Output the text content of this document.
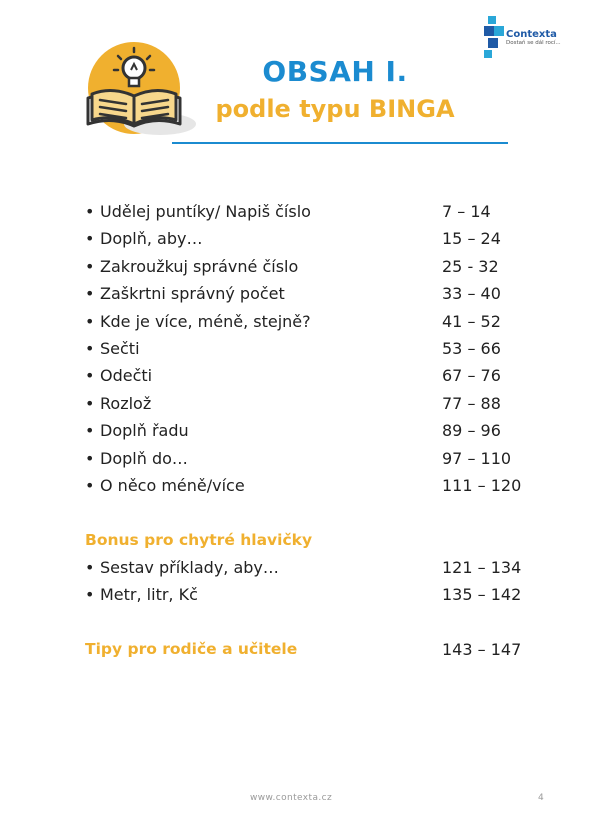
Contexta
Dostaň se dál rocí...
OBSAH I.
podle typu BINGA
• Udělej puntíky/ Napiš číslo	7 – 14
• Doplň, aby…	15 – 24
• Zakroužkuj správné číslo	25 - 32
• Zaškrtni správný počet	33 – 40
• Kde je více, méně, stejně?	41 – 52
• Sečti	53 – 66
• Odečti	67 – 76
• Rozlož	77 – 88
• Doplň řadu	89 – 96
• Doplň do…	97 – 110
• O něco méně/více	111 – 120
Bonus pro chytré hlavičky
• Sestav příklady, aby…	121 – 134
• Metr, litr, Kč	135 – 142
Tipy pro rodiče a učitele	143 – 147
www.contexta.cz	4
